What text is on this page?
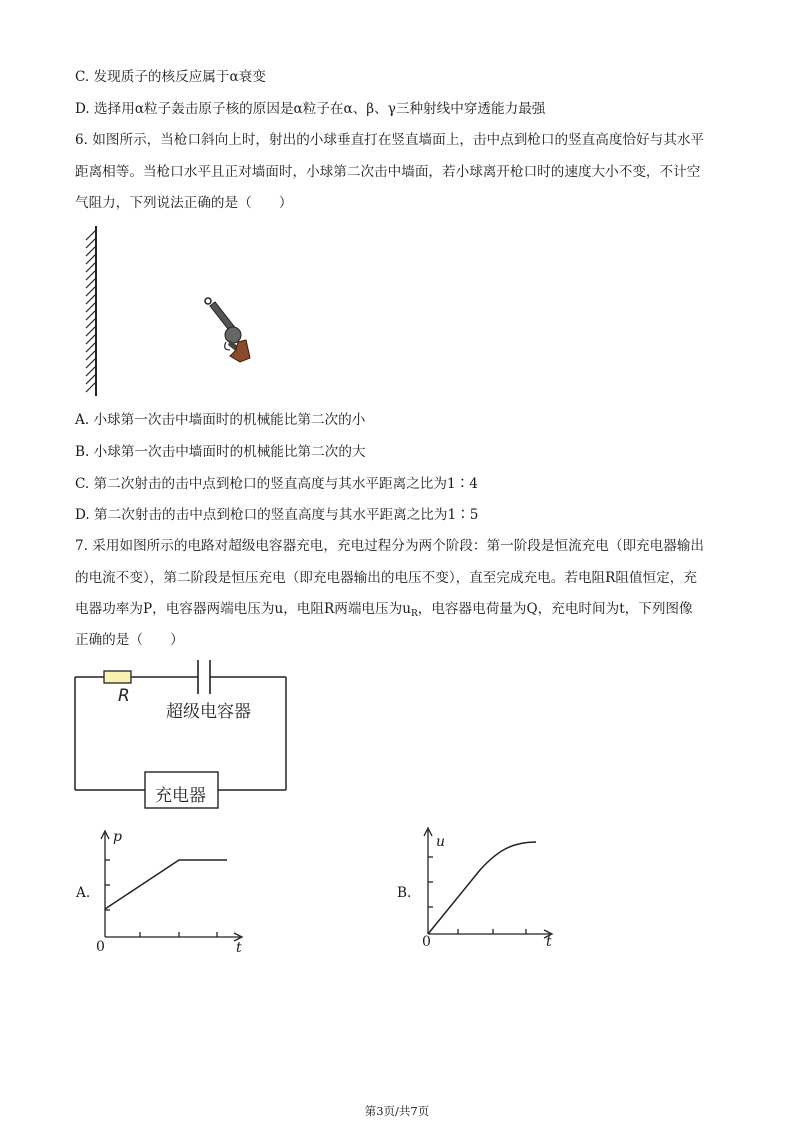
C. 发现质子的核反应属于α衰变
D. 选择用α粒子轰击原子核的原因是α粒子在α、β、γ三种射线中穿透能力最强
6. 如图所示，当枪口斜向上时，射出的小球垂直打在竖直墙面上，击中点到枪口的竖直高度恰好与其水平
距离相等。当枪口水平且正对墙面时，小球第二次击中墙面，若小球离开枪口时的速度大小不变，不计空
气阻力，下列说法正确的是（　　）
A. 小球第一次击中墙面时的机械能比第二次的小
B. 小球第一次击中墙面时的机械能比第二次的大
C. 第二次射击的击中点到枪口的竖直高度与其水平距离之比为1∶4
D. 第二次射击的击中点到枪口的竖直高度与其水平距离之比为1∶5
7. 采用如图所示的电路对超级电容器充电，充电过程分为两个阶段：第一阶段是恒流充电（即充电器输出
的电流不变），第二阶段是恒压充电（即充电器输出的电压不变），直至完成充电。若电阻R阻值恒定，充
电器功率为P，电容器两端电压为u，电阻R两端电压为$u_R$，电容器电荷量为Q，充电时间为t，下列图像
正确的是（　　）
R
超级电容器
充电器
A.
p
t
0
B.
u
t
0
第3页/共7页
